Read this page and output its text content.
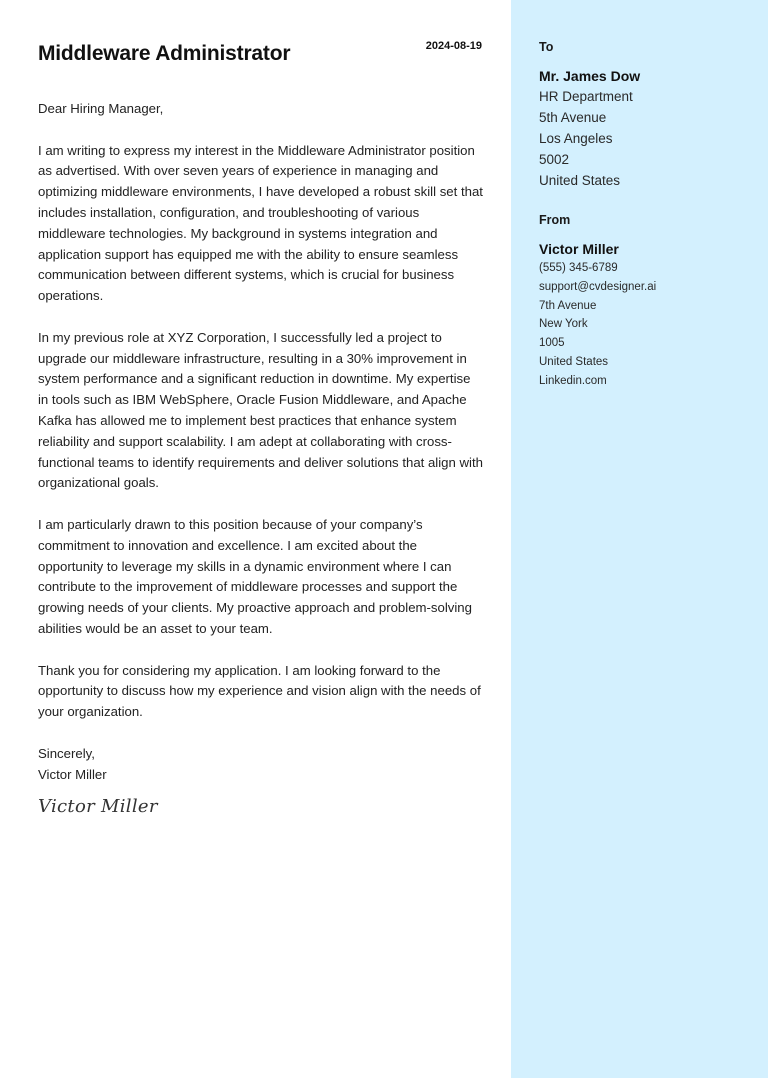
Middleware Administrator	2024-08-19

Dear Hiring Manager,

I am writing to express my interest in the Middleware Administrator position as advertised. With over seven years of experience in managing and optimizing middleware environments, I have developed a robust skill set that includes installation, configuration, and troubleshooting of various middleware technologies. My background in systems integration and application support has equipped me with the ability to ensure seamless communication between different systems, which is crucial for business operations.

In my previous role at XYZ Corporation, I successfully led a project to upgrade our middleware infrastructure, resulting in a 30% improvement in system performance and a significant reduction in downtime. My expertise in tools such as IBM WebSphere, Oracle Fusion Middleware, and Apache Kafka has allowed me to implement best practices that enhance system reliability and support scalability. I am adept at collaborating with cross-functional teams to identify requirements and deliver solutions that align with organizational goals.

I am particularly drawn to this position because of your company’s commitment to innovation and excellence. I am excited about the opportunity to leverage my skills in a dynamic environment where I can contribute to the improvement of middleware processes and support the growing needs of your clients. My proactive approach and problem-solving abilities would be an asset to your team.

Thank you for considering my application. I am looking forward to the opportunity to discuss how my experience and vision align with the needs of your organization.

Sincerely,
Victor Miller
Victor Miller
To
Mr. James Dow
HR Department
5th Avenue
Los Angeles
5002
United States
From
Victor Miller
(555) 345-6789
support@cvdesigner.ai
7th Avenue
New York
1005
United States
Linkedin.com
